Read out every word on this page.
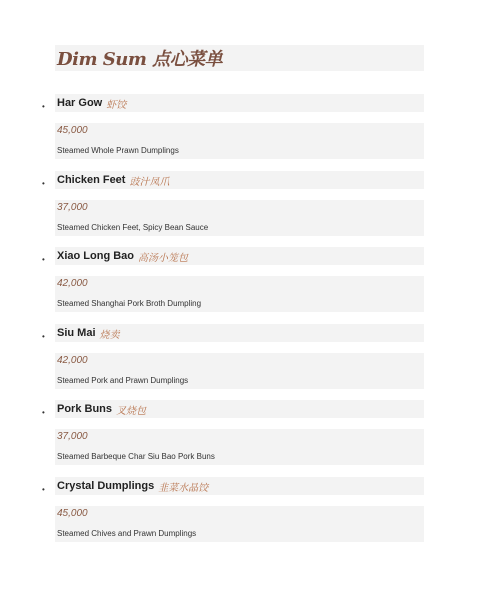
Dim Sum 点心菜单
• Har Gow 虾饺
45,000
Steamed Whole Prawn Dumplings
• Chicken Feet 豉汁凤爪
37,000
Steamed Chicken Feet, Spicy Bean Sauce
• Xiao Long Bao 高汤小笼包
42,000
Steamed Shanghai Pork Broth Dumpling
• Siu Mai 烧卖
42,000
Steamed Pork and Prawn Dumplings
• Pork Buns 叉烧包
37,000
Steamed Barbeque Char Siu Bao Pork Buns
• Crystal Dumplings 韭菜水晶饺
45,000
Steamed Chives and Prawn Dumplings
